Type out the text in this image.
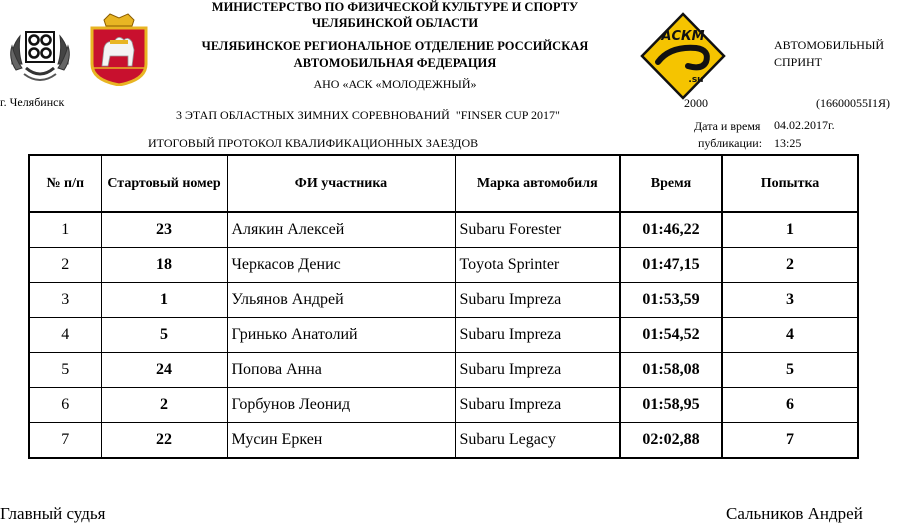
АСКМ
.su
МИНИСТЕРСТВО ПО ФИЗИЧЕСКОЙ КУЛЬТУРЕ И СПОРТУ
ЧЕЛЯБИНСКОЙ ОБЛАСТИ
ЧЕЛЯБИНСКОЕ РЕГИОНАЛЬНОЕ ОТДЕЛЕНИЕ РОССИЙСКАЯ
АВТОМОБИЛЬНАЯ ФЕДЕРАЦИЯ
АНО «АСК «МОЛОДЕЖНЫЙ»
АВТОМОБИЛЬНЫЙ
СПРИНТ
г. Челябинск
3 ЭТАП ОБЛАСТНЫХ ЗИМНИХ СОРЕВНОВАНИЙ  "FINSER CUP 2017"
2000	(16600055I1Я)
Дата и время 04.02.2017г.
публикации: 13:25
ИТОГОВЫЙ ПРОТОКОЛ КВАЛИФИКАЦИОННЫХ ЗАЕЗДОВ
№ п/п	Стартовый номер	ФИ участника	Марка автомобиля	Время	Попытка
1	23	Алякин Алексей	Subaru Forester	01:46,22	1
2	18	Черкасов Денис	Toyota Sprinter	01:47,15	2
3	1	Ульянов Андрей	Subaru Impreza	01:53,59	3
4	5	Гринько Анатолий	Subaru Impreza	01:54,52	4
5	24	Попова Анна	Subaru Impreza	01:58,08	5
6	2	Горбунов Леонид	Subaru Impreza	01:58,95	6
7	22	Мусин Еркен	Subaru Legacy	02:02,88	7
Главный судья	Сальников Андрей
